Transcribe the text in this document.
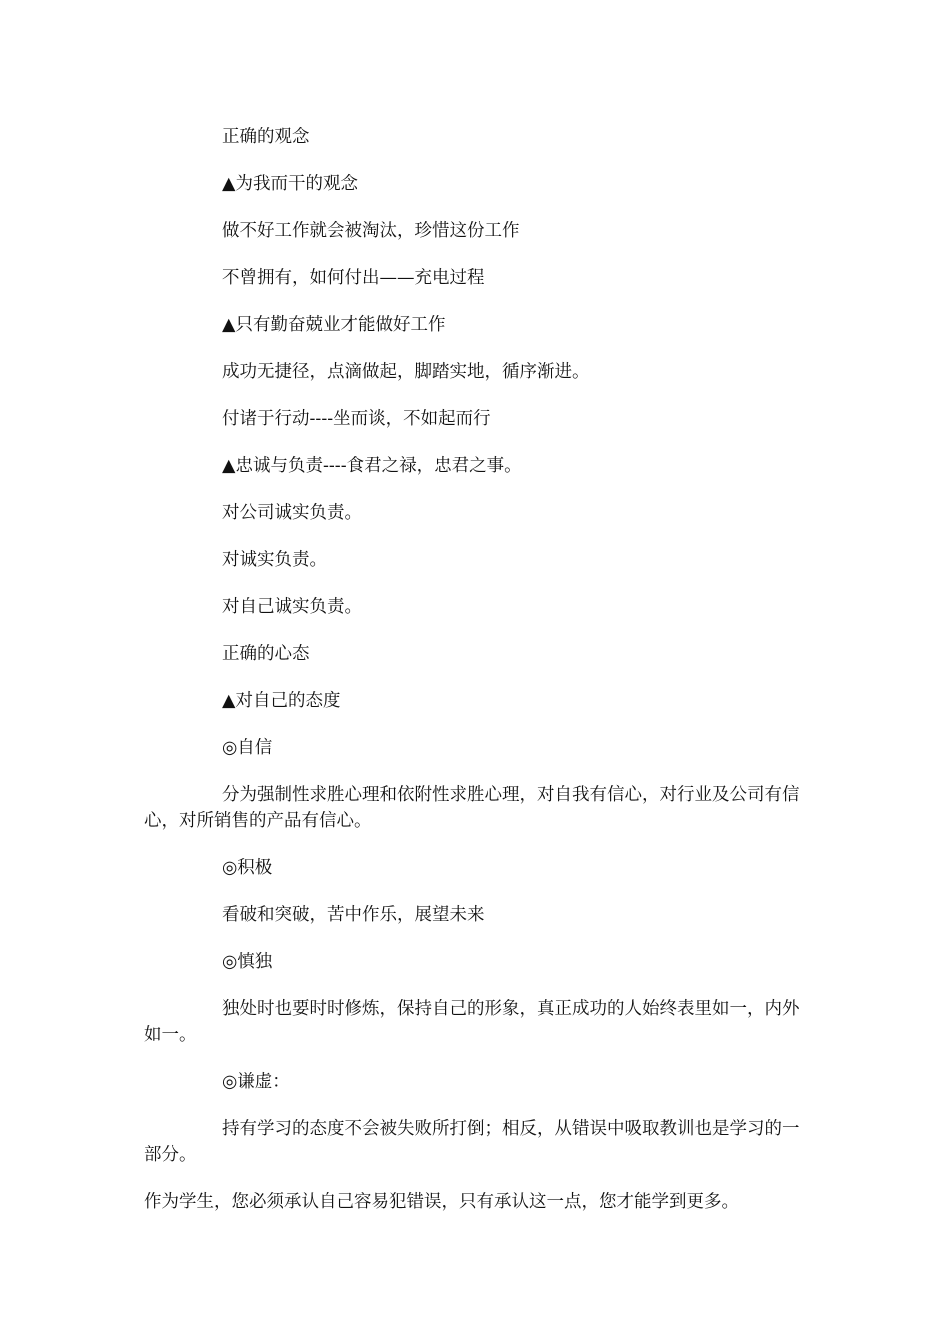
正确的观念

▲为我而干的观念

做不好工作就会被淘汰，珍惜这份工作

不曾拥有，如何付出——充电过程

▲只有勤奋兢业才能做好工作

成功无捷径，点滴做起，脚踏实地，循序渐进。

付诸于行动----坐而谈，不如起而行

▲忠诚与负责----食君之禄，忠君之事。

对公司诚实负责。

对诚实负责。

对自己诚实负责。

正确的心态

▲对自己的态度

◎自信

分为强制性求胜心理和依附性求胜心理，对自我有信心，对行业及公司有信心，对所销售的产品有信心。

◎积极

看破和突破，苦中作乐，展望未来

◎慎独

独处时也要时时修炼，保持自己的形象，真正成功的人始终表里如一，内外如一。

◎谦虚：

持有学习的态度不会被失败所打倒；相反，从错误中吸取教训也是学习的一部分。

作为学生，您必须承认自己容易犯错误，只有承认这一点，您才能学到更多。
